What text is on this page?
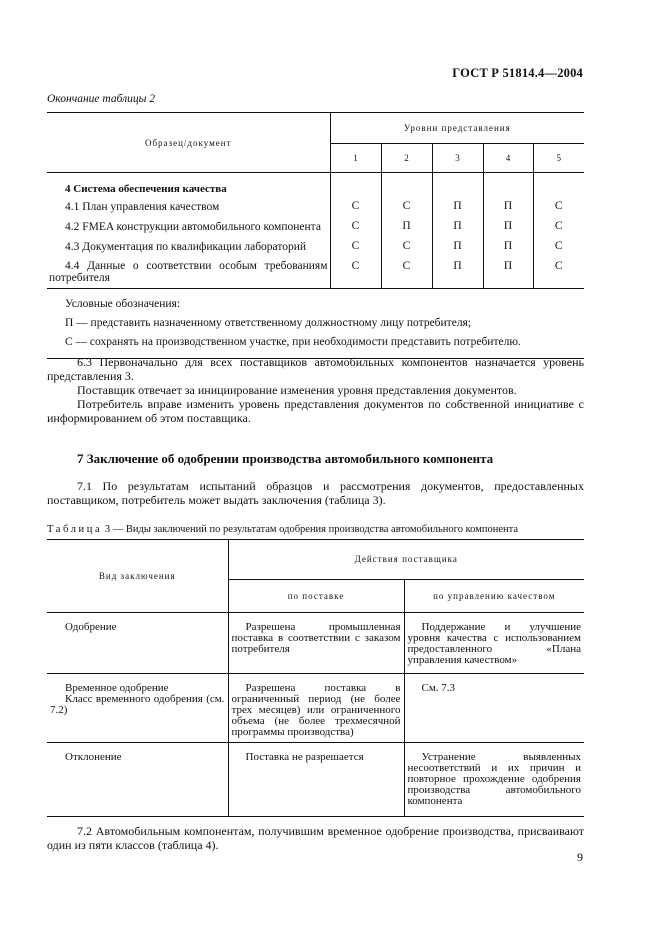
ГОСТ Р 51814.4—2004
Окончание таблицы 2
Образец/документ	Уровни представления				
	1	2	3	4	5
4 Система обеспечения качества					
4.1 План управления качеством	С	С	П	П	С
4.2 FMEA конструкции автомобильного компонента	С	П	П	П	С
4.3 Документация по квалификации лабораторий	С	С	П	П	С
4.4 Данные о соответствии особым требованиям потребителя	С	С	П	П	С

Условные обозначения:
П — представить назначенному ответственному должностному лицу потребителя;
С — сохранять на производственном участке, при необходимости представить потребителю.					

6.3 Первоначально для всех поставщиков автомобильных компонентов назначается уровень представления 3.

Поставщик отвечает за инициирование изменения уровня представления документов.

Потребитель вправе изменить уровень представления документов по собственной инициативе с информированием об этом поставщика.

7 Заключение об одобрении производства автомобильного компонента

7.1 По результатам испытаний образцов и рассмотрения документов, предоставленных поставщиком, потребитель может выдать заключения (таблица 3).

Таблица 3 — Виды заключений по результатам одобрения производства автомобильного компонента
Вид заключения	Действия поставщика	
	по поставке	по управлению качеством

Одобрение	Разрешена промышленная поставка в соответствии с заказом потребителя	Поддержание и улучшение уровня качества с использованием предоставленного «Плана управления качеством»

Временное одобрение
Класс временного одобрения (см. 7.2)	Разрешена поставка в ограниченный период (не более трех месяцев) или ограниченного объема (не более трехмесячной программы производства)	См. 7.3

Отклонение	Поставка не разрешается	Устранение выявленных несоответствий и их причин и повторное прохождение одобрения производства автомобильного компонента

7.2 Автомобильным компонентам, получившим временное одобрение производства, присваивают один из пяти классов (таблица 4).

9
